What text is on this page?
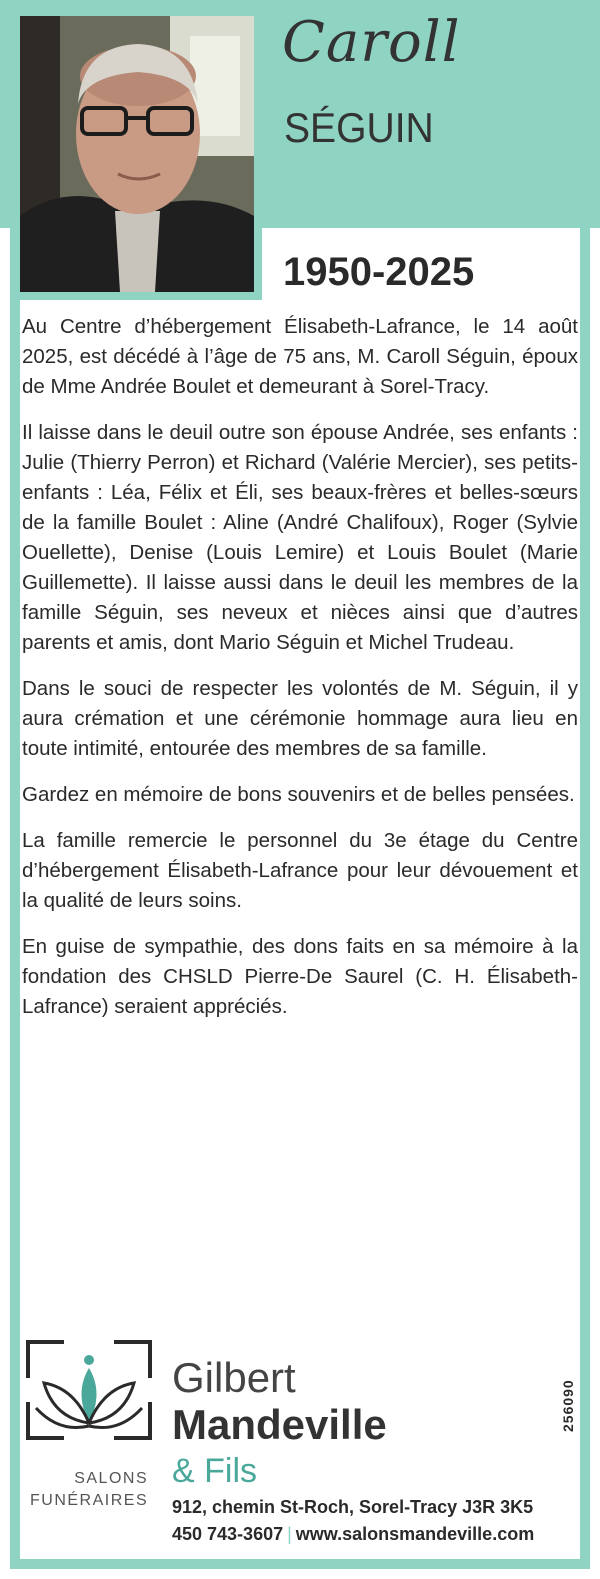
Caroll
SÉGUIN
1950-2025

Au Centre d’hébergement Élisabeth-Lafrance, le 14 août 2025, est décédé à l’âge de 75 ans, M. Caroll Séguin, époux de Mme Andrée Boulet et demeurant à Sorel-Tracy.

Il laisse dans le deuil outre son épouse Andrée, ses enfants : Julie (Thierry Perron) et Richard (Valérie Mercier), ses petits-enfants : Léa, Félix et Éli, ses beaux-frères et belles-sœurs de la famille Boulet : Aline (André Chalifoux), Roger (Sylvie Ouellette), Denise (Louis Lemire) et Louis Boulet (Marie Guillemette). Il laisse aussi dans le deuil les membres de la famille Séguin, ses neveux et nièces ainsi que d’autres parents et amis, dont Mario Séguin et Michel Trudeau.

Dans le souci de respecter les volontés de M. Séguin, il y aura crémation et une cérémonie hommage aura lieu en toute intimité, entourée des membres de sa famille.

Gardez en mémoire de bons souvenirs et de belles pensées.

La famille remercie le personnel du 3e étage du Centre d’hébergement Élisabeth-Lafrance pour leur dévouement et la qualité de leurs soins.

En guise de sympathie, des dons faits en sa mémoire à la fondation des CHSLD Pierre-De Saurel (C. H. Élisabeth-Lafrance) seraient appréciés.

SALONS
FUNÉRAIRES
Gilbert
Mandeville
& Fils
912, chemin St-Roch, Sorel-Tracy J3R 3K5
450 743-3607 | www.salonsmandeville.com
256090
